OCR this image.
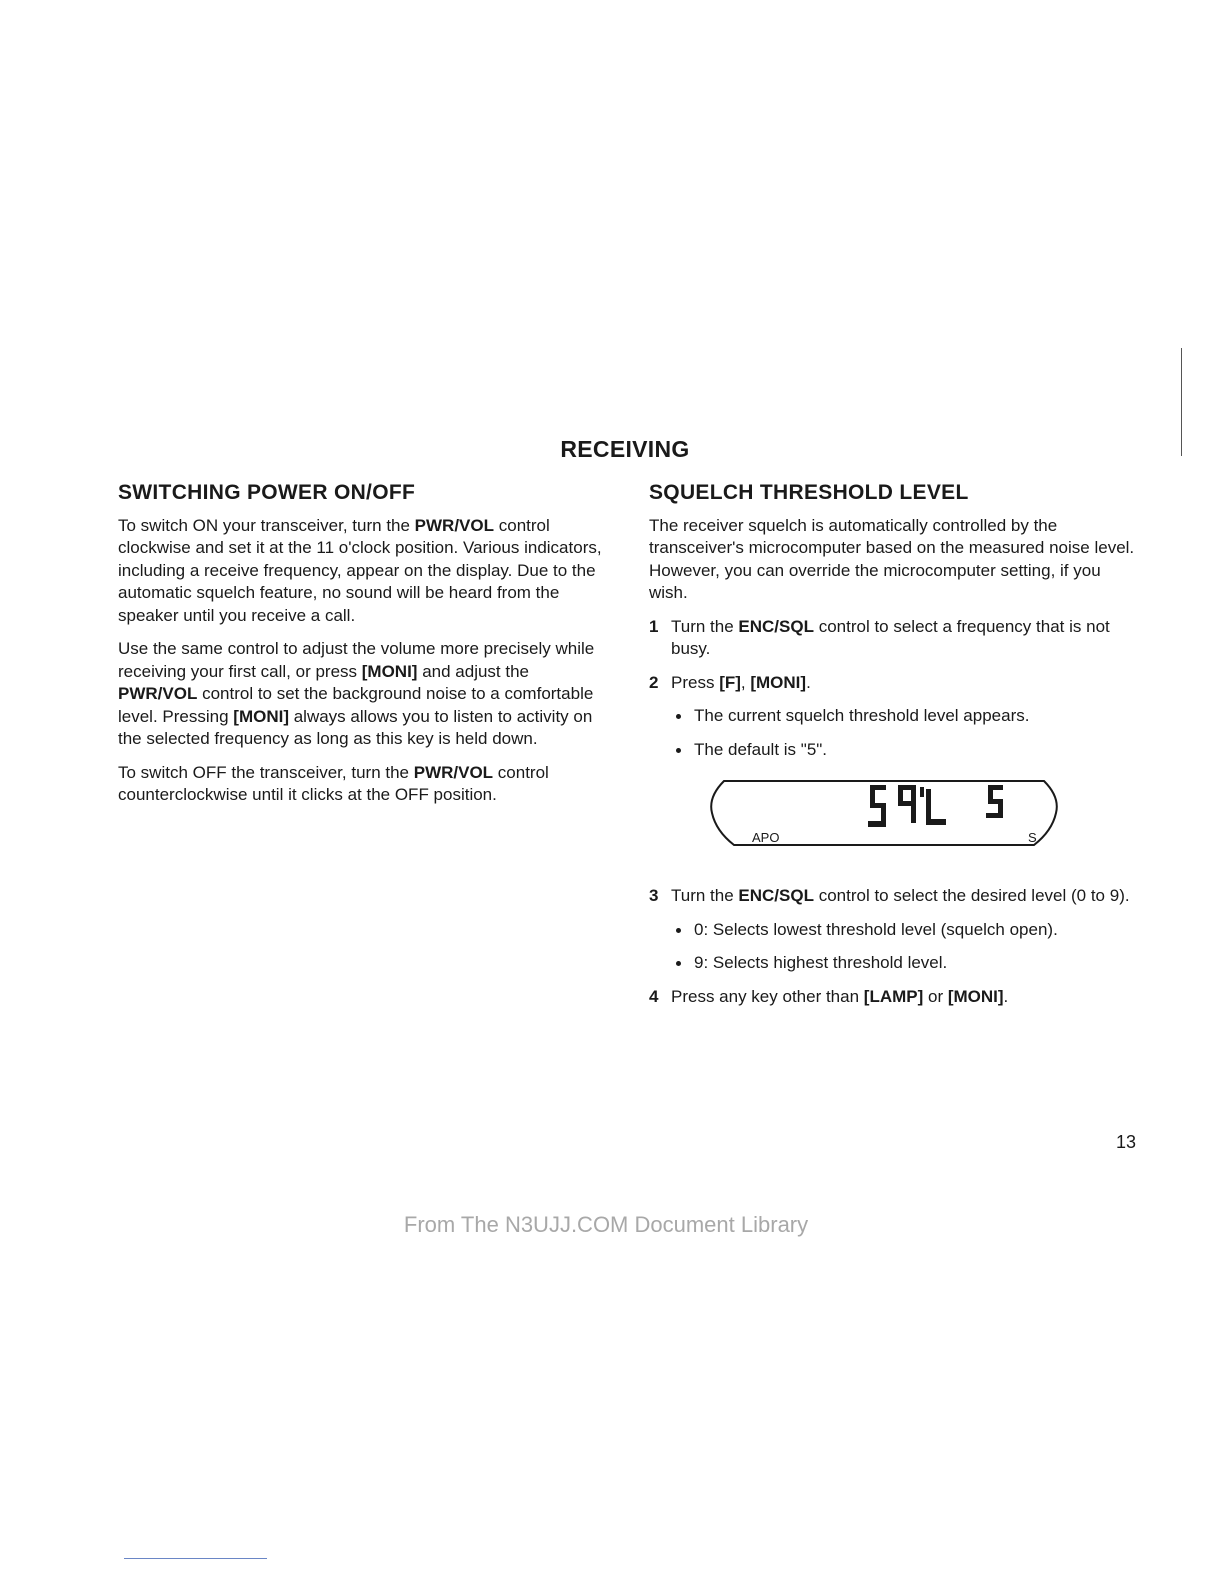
RECEIVING
SWITCHING POWER ON/OFF

To switch ON your transceiver, turn the PWR/VOL control clockwise and set it at the 11 o'clock position. Various indicators, including a receive frequency, appear on the display. Due to the automatic squelch feature, no sound will be heard from the speaker until you receive a call.

Use the same control to adjust the volume more precisely while receiving your first call, or press [MONI] and adjust the PWR/VOL control to set the background noise to a comfortable level. Pressing [MONI] always allows you to listen to activity on the selected frequency as long as this key is held down.

To switch OFF the transceiver, turn the PWR/VOL control counterclockwise until it clicks at the OFF position.

SQUELCH THRESHOLD LEVEL

The receiver squelch is automatically controlled by the transceiver's microcomputer based on the measured noise level. However, you can override the microcomputer setting, if you wish.

1 Turn the ENC/SQL control to select a frequency that is not busy.
2 Press [F], [MONI].
The current squelch threshold level appears.
The default is "5".
APO	S
3 Turn the ENC/SQL control to select the desired level (0 to 9).
0: Selects lowest threshold level (squelch open).
9: Selects highest threshold level.
4 Press any key other than [LAMP] or [MONI].
13
From The N3UJJ.COM Document Library
